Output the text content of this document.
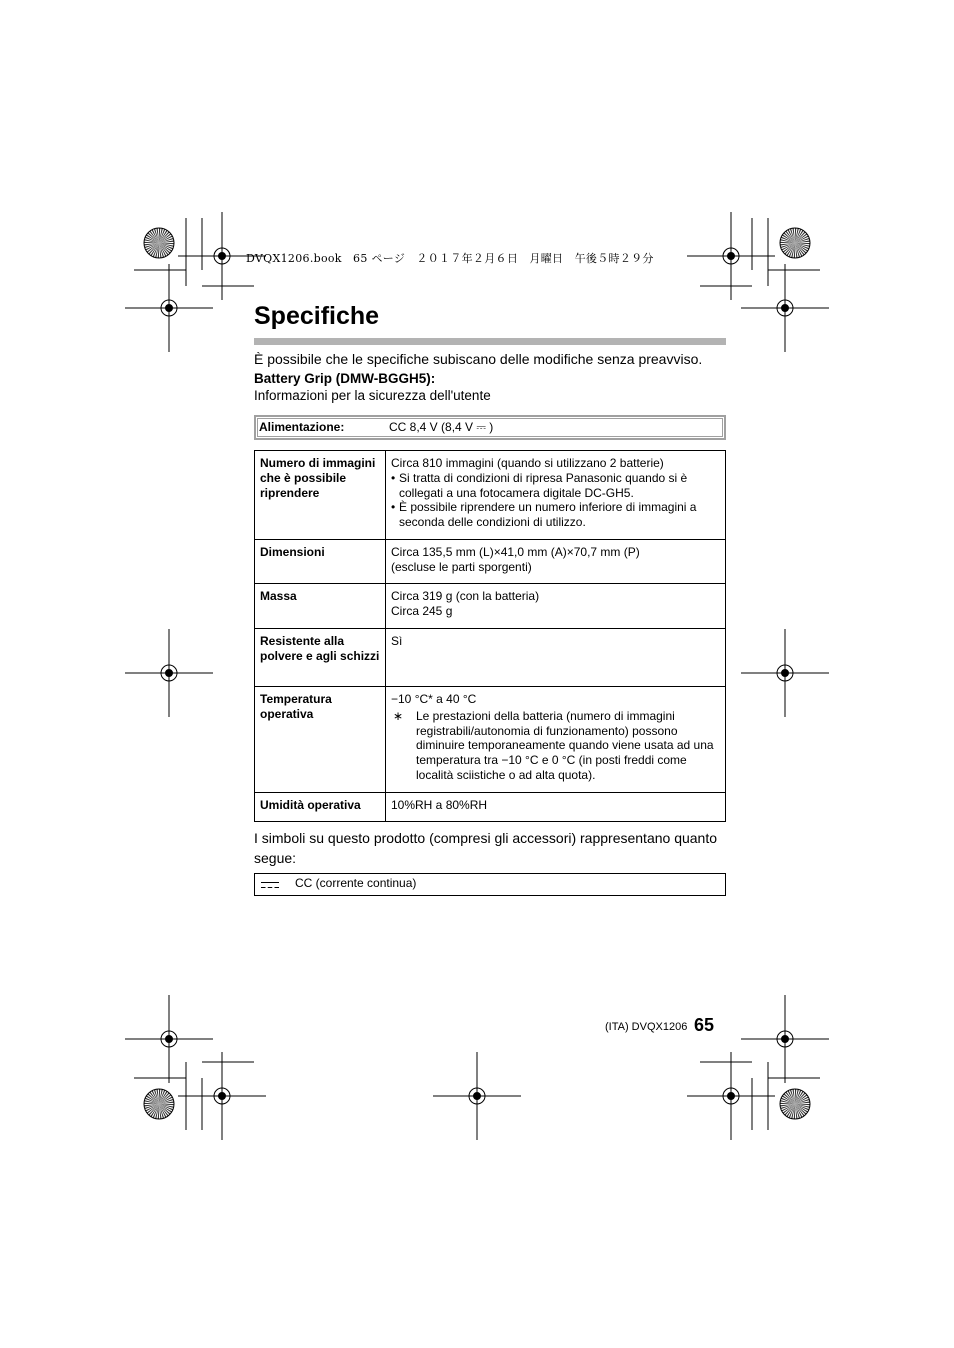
DVQX1206.book　65 ページ　２０１７年２月６日　月曜日　午後５時２９分
Specifiche
È possibile che le specifiche subiscano delle modifiche senza preavviso.
Battery Grip (DMW-BGGH5):
Informazioni per la sicurezza dell'utente
Alimentazione:	CC 8,4 V (8,4 V ⎓ )
Numero di immagini che è possibile riprendere	Circa 810 immagini (quando si utilizzano 2 batterie)
• Si tratta di condizioni di ripresa Panasonic quando si è collegati a una fotocamera digitale DC-GH5.
• È possibile riprendere un numero inferiore di immagini a seconda delle condizioni di utilizzo.

Dimensioni	Circa 135,5 mm (L)×41,0 mm (A)×70,7 mm (P)
(escluse le parti sporgenti)

Massa	Circa 319 g (con la batteria)
Circa 245 g

Resistente alla polvere e agli schizzi	Sì

Temperatura operativa	−10 °C* a 40 °C
∗ Le prestazioni della batteria (numero di immagini registrabili/autonomia di funzionamento) possono diminuire temporaneamente quando viene usata ad una temperatura tra −10 °C e 0 °C (in posti freddi come località sciistiche o ad alta quota).

Umidità operativa	10%RH a 80%RH
I simboli su questo prodotto (compresi gli accessori) rappresentano quanto segue:
CC (corrente continua)
(ITA) DVQX1206 65
